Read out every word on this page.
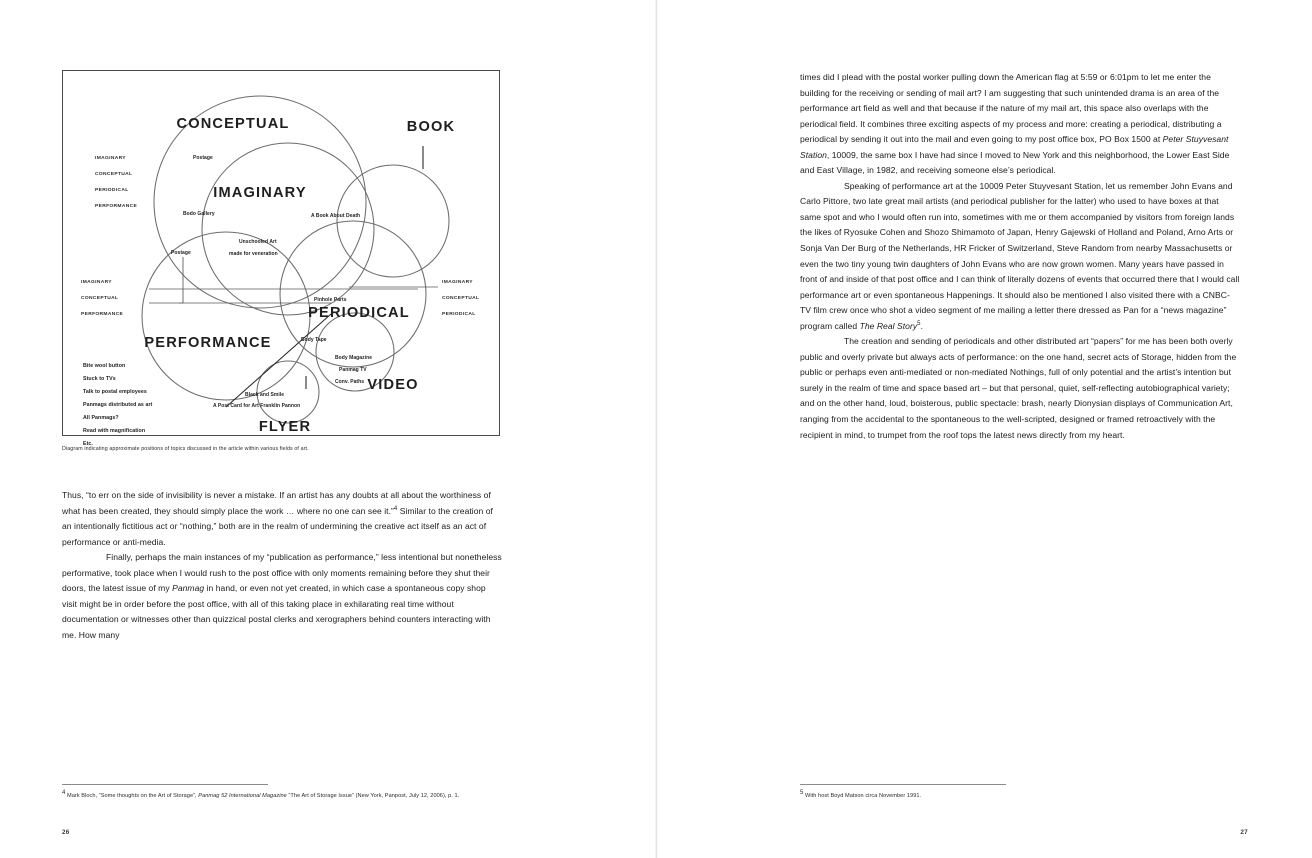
CONCEPTUAL	BOOK
IMAGINARY
PERIODICAL
PERFORMANCE
VIDEO
FLYER
IMAGINARY
CONCEPTUAL
PERIODICAL
PERFORMANCE
IMAGINARY
CONCEPTUAL
PERFORMANCE
IMAGINARY
CONCEPTUAL
PERIODICAL
Postage
Bodo Gallery	A Book About Death
Unschooled Art
made for veneration
Postage
Pinhole Parts
Body Tape
Body Magazine
Panmag TV
Conv. Paths
Black and Smile
A Post Card for Art Franklin Pannon
Bite wool button
Stuck to TVs
Talk to postal employees
Panmags distributed as art
All Panmags?
Read with magnification
Etc.
Diagram indicating approximate positions of topics discussed in the article within various fields of art.

Thus, “to err on the side of invisibility is never a mistake. If an artist has any doubts at all about the worthiness of what has been created, they should simply place the work … where no one can see it.”$^4$ Similar to the creation of an intentionally fictitious act or “nothing,” both are in the realm of undermining the creative act itself as an act of performance or anti-media.

Finally, perhaps the main instances of my “publication as performance,” less intentional but nonetheless performative, took place when I would rush to the post office with only moments remaining before they shut their doors, the latest issue of my Panmag in hand, or even not yet created, in which case a spontaneous copy shop visit might be in order before the post office, with all of this taking place in exhilarating real time without documentation or witnesses other than quizzical postal clerks and xerographers behind counters interacting with me. How many

4 Mark Bloch, “Some thoughts on the Art of Storage”, Panmag 52 International Magazine “The Art of Storage Issue” (New York, Panpost, July 12, 2006), p. 1.
26

times did I plead with the postal worker pulling down the American flag at 5:59 or 6:01pm to let me enter the building for the receiving or sending of mail art? I am suggesting that such unintended drama is an area of the performance art field as well and that because if the nature of my mail art, this space also overlaps with the periodical field. It combines three exciting aspects of my process and more: creating a periodical, distributing a periodical by sending it out into the mail and even going to my post office box, PO Box 1500 at Peter Stuyvesant Station, 10009, the same box I have had since I moved to New York and this neighborhood, the Lower East Side and East Village, in 1982, and receiving someone else’s periodical.

Speaking of performance art at the 10009 Peter Stuyvesant Station, let us remember John Evans and Carlo Pittore, two late great mail artists (and periodical publisher for the latter) who used to have boxes at that same spot and who I would often run into, sometimes with me or them accompanied by visitors from foreign lands the likes of Ryosuke Cohen and Shozo Shimamoto of Japan, Henry Gajewski of Holland and Poland, Arno Arts or Sonja Van Der Burg of the Netherlands, HR Fricker of Switzerland, Steve Random from nearby Massachusetts or even the two tiny young twin daughters of John Evans who are now grown women. Many years have passed in front of and inside of that post office and I can think of literally dozens of events that occurred there that I would call performance art or even spontaneous Happenings. It should also be mentioned I also visited there with a CNBC-TV film crew once who shot a video segment of me mailing a letter there dressed as Pan for a “news magazine” program called The Real Story$^5$.

The creation and sending of periodicals and other distributed art “papers” for me has been both overly public and overly private but always acts of performance: on the one hand, secret acts of Storage, hidden from the public or perhaps even anti-mediated or non-mediated Nothings, full of only potential and the artist’s intention but surely in the realm of time and space based art – but that personal, quiet, self-reflecting autobiographical variety; and on the other hand, loud, boisterous, public spectacle: brash, nearly Dionysian displays of Communication Art, ranging from the accidental to the spontaneous to the well-scripted, designed or framed retroactively with the recipient in mind, to trumpet from the roof tops the latest news directly from my heart.

5 With host Boyd Matson circa November 1991.
27
